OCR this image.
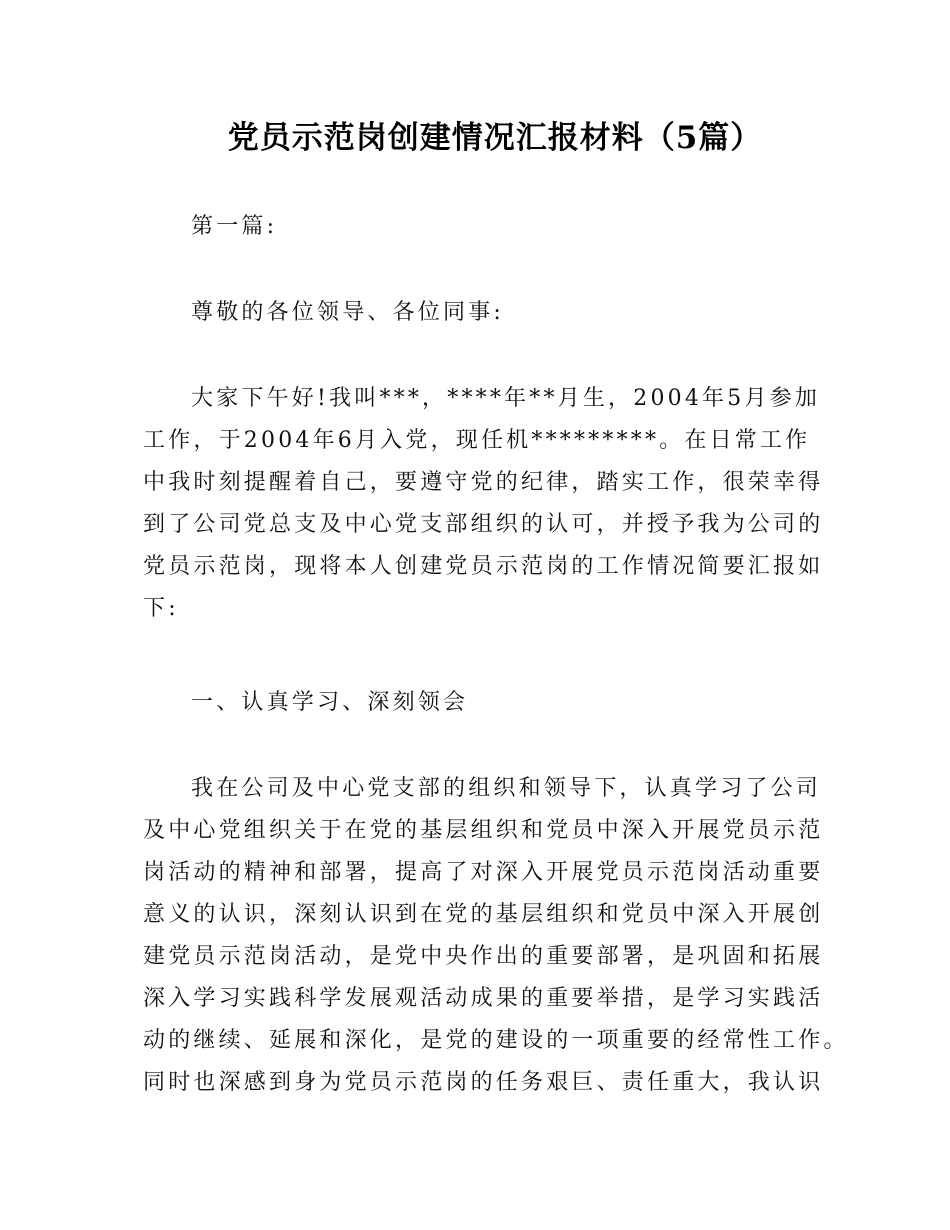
党员示范岗创建情况汇报材料（5篇）
第一篇:
尊敬的各位领导、各位同事:
大家下午好!我叫***，****年**月生，2004年5月参加
工作，于2004年6月入党，现任机*********。在日常工作
中我时刻提醒着自己，要遵守党的纪律，踏实工作，很荣幸得
到了公司党总支及中心党支部组织的认可，并授予我为公司的
党员示范岗，现将本人创建党员示范岗的工作情况简要汇报如
下:
一、认真学习、深刻领会
我在公司及中心党支部的组织和领导下，认真学习了公司
及中心党组织关于在党的基层组织和党员中深入开展党员示范
岗活动的精神和部署，提高了对深入开展党员示范岗活动重要
意义的认识，深刻认识到在党的基层组织和党员中深入开展创
建党员示范岗活动，是党中央作出的重要部署，是巩固和拓展
深入学习实践科学发展观活动成果的重要举措，是学习实践活
动的继续、延展和深化，是党的建设的一项重要的经常性工作。
同时也深感到身为党员示范岗的任务艰巨、责任重大，我认识
